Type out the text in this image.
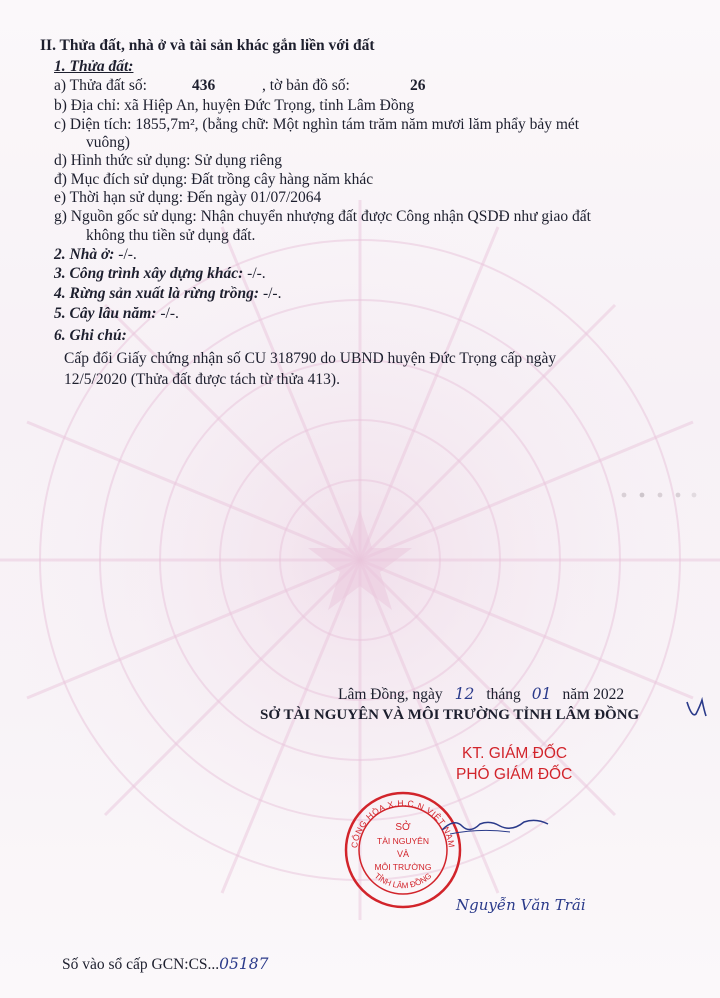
II. Thửa đất, nhà ở và tài sản khác gắn liền với đất
1. Thửa đất:
a) Thửa đất số:	436	, tờ bản đồ số:	26
b) Địa chỉ: xã Hiệp An, huyện Đức Trọng, tỉnh Lâm Đồng
c) Diện tích: 1855,7m², (bằng chữ: Một nghìn tám trăm năm mươi lăm phẩy bảy mét
vuông)
d) Hình thức sử dụng: Sử dụng riêng
đ) Mục đích sử dụng: Đất trồng cây hàng năm khác
e) Thời hạn sử dụng: Đến ngày 01/07/2064
g) Nguồn gốc sử dụng: Nhận chuyển nhượng đất được Công nhận QSDĐ như giao đất
không thu tiền sử dụng đất.
2. Nhà ở: -/-.
3. Công trình xây dựng khác: -/-.
4. Rừng sản xuất là rừng trồng: -/-.
5. Cây lâu năm: -/-.
6. Ghi chú:
Cấp đổi Giấy chứng nhận số CU 318790 do UBND huyện Đức Trọng cấp ngày
12/5/2020 (Thửa đất được tách từ thửa 413).
Lâm Đồng, ngày 12 tháng 01 năm 2022
SỞ TÀI NGUYÊN VÀ MÔI TRƯỜNG TỈNH LÂM ĐỒNG
KT. GIÁM ĐỐC
PHÓ GIÁM ĐỐC
CỘNG HÒA X.H.C.N VIỆT NAM
TỈNH LÂM ĐỒNG
SỞ
TÀI NGUYÊN
VÀ
MÔI TRƯỜNG
Nguyễn Văn Trãi
Số vào sổ cấp GCN:CS...05187
